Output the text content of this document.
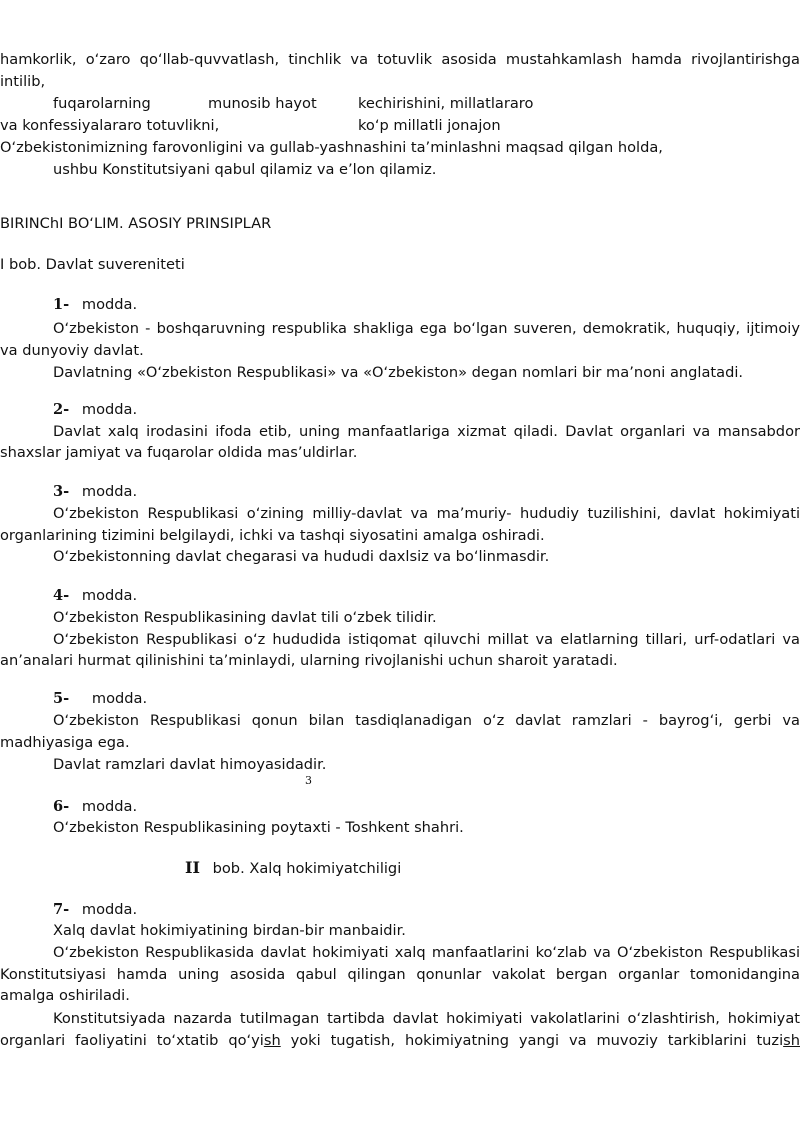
hamkorlik, o‘zaro qo‘llab-quvvatlash, tinchlik va totuvlik asosida mustahkamlash hamda rivojlantirishga
intilib,
fuqarolarning	munosib hayot	kechirishini, millatlararo
va konfessiyalararo totuvlikni,	ko‘p millatli jonajon
O‘zbekistonimizning farovonligini va gullab-yashnashini ta’minlashni maqsad qilgan holda,
ushbu Konstitutsiyani qabul qilamiz va e’lon qilamiz.
BIRINChI BO‘LIM. ASOSIY PRINSIPLAR
I bob. Davlat suvereniteti
1- modda.
O‘zbekiston - boshqaruvning respublika shakliga ega bo‘lgan suveren, demokratik, huquqiy, ijtimoiy
va dunyoviy davlat.
Davlatning «O‘zbekiston Respublikasi» va «O‘zbekiston» degan nomlari bir ma’noni anglatadi.
2- modda.
Davlat xalq irodasini ifoda etib, uning manfaatlariga xizmat qiladi. Davlat organlari va mansabdor
shaxslar jamiyat va fuqarolar oldida mas’uldirlar.
3- modda.
O‘zbekiston Respublikasi o‘zining milliy-davlat va ma’muriy- hududiy tuzilishini, davlat hokimiyati
organlarining tizimini belgilaydi, ichki va tashqi siyosatini amalga oshiradi.
O‘zbekistonning davlat chegarasi va hududi daxlsiz va bo‘linmasdir.
4- modda.
O‘zbekiston Respublikasining davlat tili o‘zbek tilidir.
O‘zbekiston Respublikasi o‘z hududida istiqomat qiluvchi millat va elatlarning tillari, urf-odatlari va
an’analari hurmat qilinishini ta’minlaydi, ularning rivojlanishi uchun sharoit yaratadi.
5- modda.
O‘zbekiston Respublikasi qonun bilan tasdiqlanadigan o‘z davlat ramzlari - bayrog‘i, gerbi va
madhiyasiga ega.
Davlat ramzlari davlat himoyasidadir.
3
6- modda.
O‘zbekiston Respublikasining poytaxti - Toshkent shahri.
II bob. Xalq hokimiyatchiligi
7- modda.
Xalq davlat hokimiyatining birdan-bir manbaidir.
O‘zbekiston Respublikasida davlat hokimiyati xalq manfaatlarini ko‘zlab va O‘zbekiston Respublikasi
Konstitutsiyasi hamda uning asosida qabul qilingan qonunlar vakolat bergan organlar tomonidangina
amalga oshiriladi.
Konstitutsiyada nazarda tutilmagan tartibda davlat hokimiyati vakolatlarini o‘zlashtirish, hokimiyat
organlari faoliyatini to‘xtatib qo‘yish yoki tugatish, hokimiyatning yangi va muvoziy tarkiblarini tuzish
